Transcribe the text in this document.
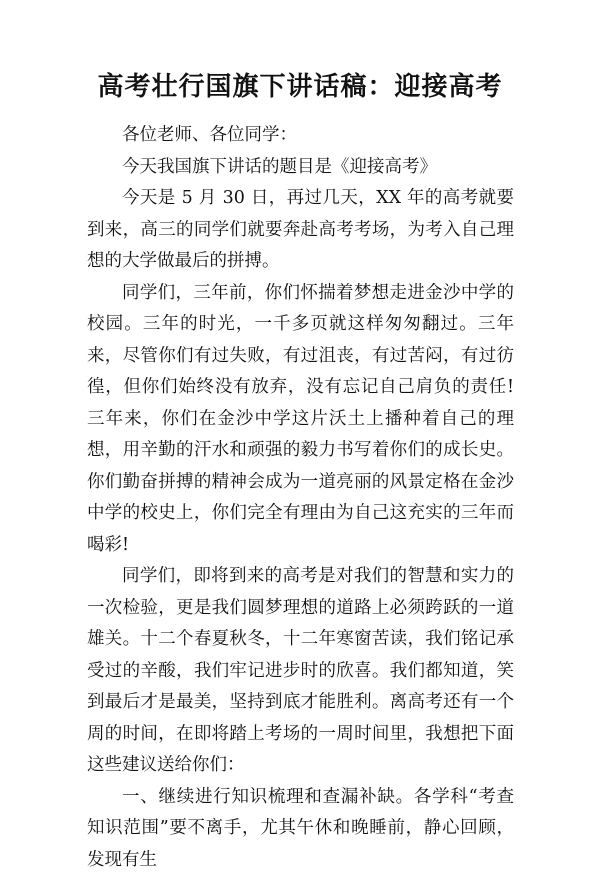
高考壮行国旗下讲话稿：迎接高考

各位老师、各位同学：

今天我国旗下讲话的题目是《迎接高考》

今天是 5 月 30 日，再过几天，XX 年的高考就要到来，高三的同学们就要奔赴高考考场，为考入自己理想的大学做最后的拼搏。

同学们，三年前，你们怀揣着梦想走进金沙中学的校园。三年的时光，一千多页就这样匆匆翻过。三年来，尽管你们有过失败，有过沮丧，有过苦闷，有过彷徨，但你们始终没有放弃，没有忘记自己肩负的责任!三年来，你们在金沙中学这片沃土上播种着自己的理想，用辛勤的汗水和顽强的毅力书写着你们的成长史。你们勤奋拼搏的精神会成为一道亮丽的风景定格在金沙中学的校史上，你们完全有理由为自己这充实的三年而喝彩!

同学们，即将到来的高考是对我们的智慧和实力的一次检验，更是我们圆梦理想的道路上必须跨跃的一道雄关。十二个春夏秋冬，十二年寒窗苦读，我们铭记承受过的辛酸，我们牢记进步时的欣喜。我们都知道，笑到最后才是最美，坚持到底才能胜利。离高考还有一个周的时间，在即将踏上考场的一周时间里，我想把下面这些建议送给你们：

一、继续进行知识梳理和查漏补缺。各学科“考查知识范围”要不离手，尤其午休和晚睡前，静心回顾，发现有生
